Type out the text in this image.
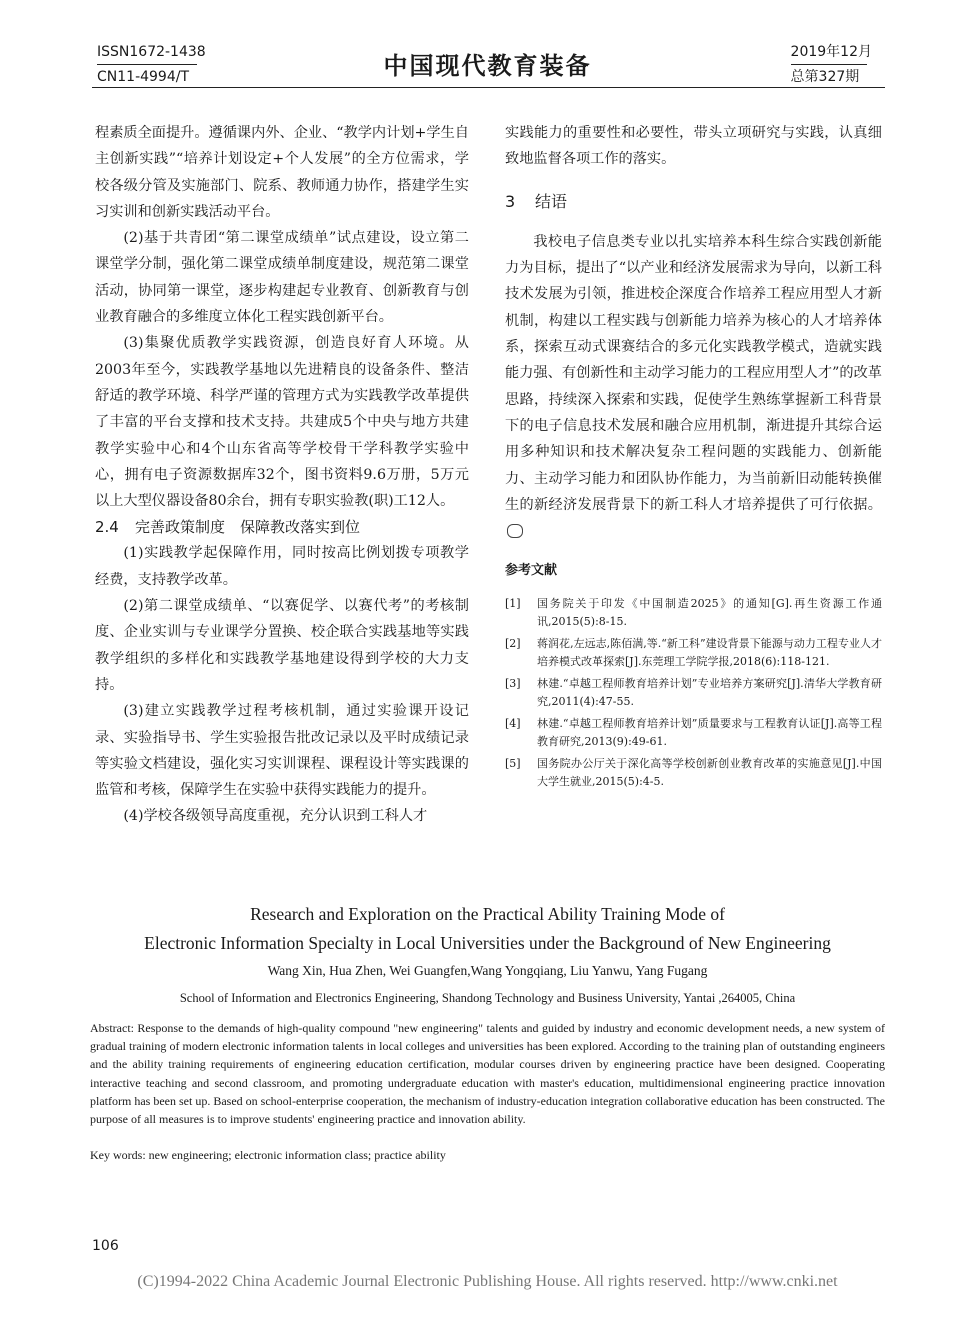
ISSN1672-1438
CN11-4994/T	中国现代教育装备	2019年12月
总第327期

程素质全面提升。遵循课内外、企业、“教学内计划+学生自主创新实践”“培养计划设定+个人发展”的全方位需求，学校各级分管及实施部门、院系、教师通力协作，搭建学生实习实训和创新实践活动平台。

(2)基于共青团“第二课堂成绩单”试点建设，设立第二课堂学分制，强化第二课堂成绩单制度建设，规范第二课堂活动，协同第一课堂，逐步构建起专业教育、创新教育与创业教育融合的多维度立体化工程实践创新平台。

(3)集聚优质教学实践资源，创造良好育人环境。从2003年至今，实践教学基地以先进精良的设备条件、整洁舒适的教学环境、科学严谨的管理方式为实践教学改革提供了丰富的平台支撑和技术支持。共建成5个中央与地方共建教学实验中心和4个山东省高等学校骨干学科教学实验中心，拥有电子资源数据库32个，图书资料9.6万册，5万元以上大型仪器设备80余台，拥有专职实验教(职)工12人。

2.4 完善政策制度　保障教改落实到位

(1)实践教学起保障作用，同时按高比例划拨专项教学经费，支持教学改革。

(2)第二课堂成绩单、“以赛促学、以赛代考”的考核制度、企业实训与专业课学分置换、校企联合实践基地等实践教学组织的多样化和实践教学基地建设得到学校的大力支持。

(3)建立实践教学过程考核机制，通过实验课开设记录、实验指导书、学生实验报告批改记录以及平时成绩记录等实验文档建设，强化实习实训课程、课程设计等实践课的监管和考核，保障学生在实验中获得实践能力的提升。

(4)学校各级领导高度重视，充分认识到工科人才

实践能力的重要性和必要性，带头立项研究与实践，认真细致地监督各项工作的落实。

3 结语

我校电子信息类专业以扎实培养本科生综合实践创新能力为目标，提出了“以产业和经济发展需求为导向，以新工科技术发展为引领，推进校企深度合作培养工程应用型人才新机制，构建以工程实践与创新能力培养为核心的人才培养体系，探索互动式课赛结合的多元化实践教学模式，造就实践能力强、有创新性和主动学习能力的工程应用型人才”的改革思路，持续深入探索和实践，促使学生熟练掌握新工科背景下的电子信息技术发展和融合应用机制，渐进提升其综合运用多种知识和技术解决复杂工程问题的实践能力、创新能力、主动学习能力和团队协作能力，为当前新旧动能转换催生的新经济发展背景下的新工科人才培养提供了可行依据。

参考文献
[1]	国务院关于印发《中国制造2025》的通知[G].再生资源工作通讯,2015(5):8-15.
[2]	蒋润花,左远志,陈佰满,等.“新工科”建设背景下能源与动力工程专业人才培养模式改革探索[J].东莞理工学院学报,2018(6):118-121.
[3]	林建.“卓越工程师教育培养计划”专业培养方案研究[J].清华大学教育研究,2011(4):47-55.
[4]	林建.“卓越工程师教育培养计划”质量要求与工程教育认证[J].高等工程教育研究,2013(9):49-61.
[5]	国务院办公厅关于深化高等学校创新创业教育改革的实施意见[J].中国大学生就业,2015(5):4-5.
Research and Exploration on the Practical Ability Training Mode of
Electronic Information Specialty in Local Universities under the Background of New Engineering
Wang Xin, Hua Zhen, Wei Guangfen,Wang Yongqiang, Liu Yanwu, Yang Fugang
School of Information and Electronics Engineering, Shandong Technology and Business University, Yantai ,264005, China
Abstract: Response to the demands of high-quality compound "new engineering" talents and guided by industry and economic development needs, a new system of gradual training of modern electronic information talents in local colleges and universities has been explored. According to the training plan of outstanding engineers and the ability training requirements of engineering education certification, modular courses driven by engineering practice have been designed. Cooperating interactive teaching and second classroom, and promoting undergraduate education with master's education, multidimensional engineering practice innovation platform has been set up. Based on school-enterprise cooperation, the mechanism of industry-education integration collaborative education has been constructed. The purpose of all measures is to improve students' engineering practice and innovation ability.
Key words: new engineering; electronic information class; practice ability
106
(C)1994-2022 China Academic Journal Electronic Publishing House. All rights reserved. http://www.cnki.net
